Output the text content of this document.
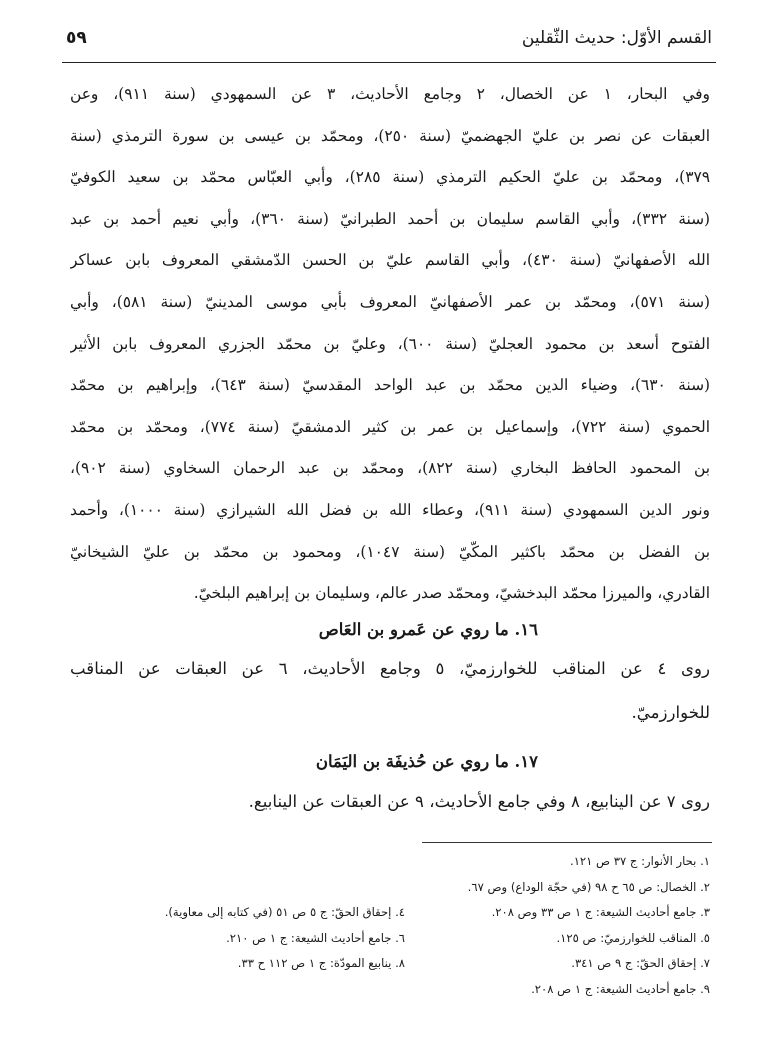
القسم الأوّل: حديث الثّقلين
٥٩
وفي البحار، ١ عن الخصال، ٢ وجامع الأحاديث، ٣ عن السمهودي (سنة ٩١١)، وعن
العبقات عن نصر بن عليّ الجهضميّ (سنة ٢٥٠)، ومحمّد بن عيسى بن سورة الترمذي (سنة
٣٧٩)، ومحمّد بن عليّ الحكيم الترمذي (سنة ٢٨٥)، وأبي العبّاس محمّد بن سعيد الكوفيّ
(سنة ٣٣٢)، وأبي القاسم سليمان بن أحمد الطبرانيّ (سنة ٣٦٠)، وأبي نعيم أحمد بن عبد
الله الأصفهانيّ (سنة ٤٣٠)، وأبي القاسم عليّ بن الحسن الدّمشقي المعروف بابن عساكر
(سنة ٥٧١)، ومحمّد بن عمر الأصفهانيّ المعروف بأبي موسى المدينيّ (سنة ٥٨١)، وأبي
الفتوح أسعد بن محمود العجليّ (سنة ٦٠٠)، وعليّ بن محمّد الجزري المعروف بابن الأثير
(سنة ٦٣٠)، وضياء الدين محمّد بن عبد الواحد المقدسيّ (سنة ٦٤٣)، وإبراهيم بن محمّد
الحموي (سنة ٧٢٢)، وإسماعيل بن عمر بن كثير الدمشقيّ (سنة ٧٧٤)، ومحمّد بن محمّد
بن المحمود الحافظ البخاري (سنة ٨٢٢)، ومحمّد بن عبد الرحمان السخاوي (سنة ٩٠٢)،
ونور الدين السمهودي (سنة ٩١١)، وعطاء الله بن فضل الله الشيرازي (سنة ١٠٠٠)، وأحمد
بن الفضل بن محمّد باكثير المكّيّ (سنة ١٠٤٧)، ومحمود بن محمّد بن عليّ الشيخانيّ
القادري، والميرزا محمّد البدخشيّ، ومحمّد صدر عالم، وسليمان بن إبراهيم البلخيّ.
١٦. ما روي عن عَمرو بن العَاص
روى ٤ عن المناقب للخوارزميّ، ٥ وجامع الأحاديث، ٦ عن العبقات عن المناقب
للخوارزميّ.
١٧. ما روي عن حُذيفَة بن اليَمَان
روى ٧ عن الينابيع، ٨ وفي جامع الأحاديث، ٩ عن العبقات عن الينابيع.
١. بحار الأنوار: ج ٣٧ ص ١٢١.
٢. الخصال: ص ٦٥ ح ٩٨ (في حجّة الوداع) وص ٦٧.
٣. جامع أحاديث الشيعة: ج ١ ص ٣٣ وص ٢٠٨.
٤. إحقاق الحقّ: ج ٥ ص ٥١ (في كتابه إلى معاوية).
٥. المناقب للخوارزميّ: ص ١٢٥.
٦. جامع أحاديث الشيعة: ج ١ ص ٢١٠.
٧. إحقاق الحقّ: ج ٩ ص ٣٤١.
٨. ينابيع المودّة: ج ١ ص ١١٢ ح ٣٣.
٩. جامع أحاديث الشيعة: ج ١ ص ٢٠٨.
